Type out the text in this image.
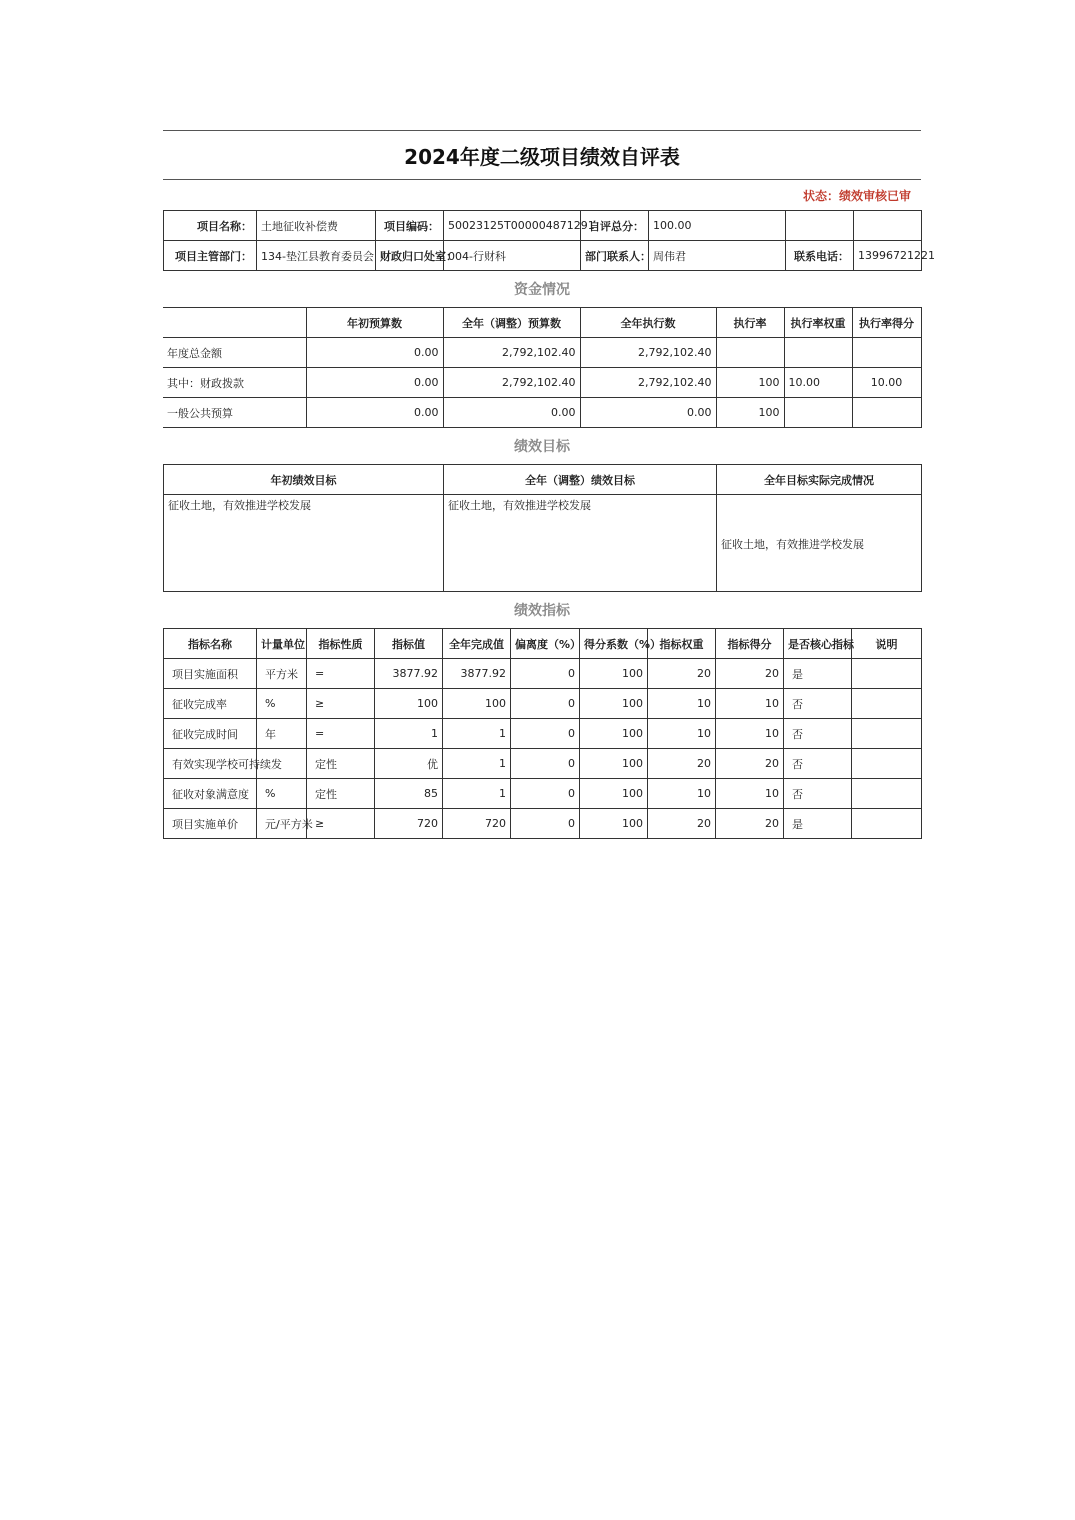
2024年度二级项目绩效自评表
状态：绩效审核已审
项目名称：	土地征收补偿费	项目编码：	50023125T000004871291	自评总分：	100.00		
项目主管部门：	134-垫江县教育委员会	财政归口处室：	004-行财科	部门联系人：	周伟君	联系电话：	13996721221
资金情况
	年初预算数	全年（调整）预算数	全年执行数	执行率	执行率权重	执行率得分
年度总金额	0.00	2,792,102.40	2,792,102.40			
其中：财政拨款	0.00	2,792,102.40	2,792,102.40	100	10.00	10.00
一般公共预算	0.00	0.00	0.00	100		
绩效目标
年初绩效目标	全年（调整）绩效目标	全年目标实际完成情况
征收土地，有效推进学校发展	征收土地，有效推进学校发展	征收土地，有效推进学校发展
绩效指标
指标名称	计量单位	指标性质	指标值	全年完成值	偏离度（%）	得分系数（%）	指标权重	指标得分	是否核心指标	说明
项目实施面积	平方米	=	3877.92	3877.92	0	100	20	20	是	
征收完成率	%	≥	100	100	0	100	10	10	否	
征收完成时间	年	=	1	1	0	100	10	10	否	
有效实现学校可持续发		定性	优	1	0	100	20	20	否	
征收对象满意度	%	定性	85	1	0	100	10	10	否	
项目实施单价	元/平方米	≥	720	720	0	100	20	20	是	
